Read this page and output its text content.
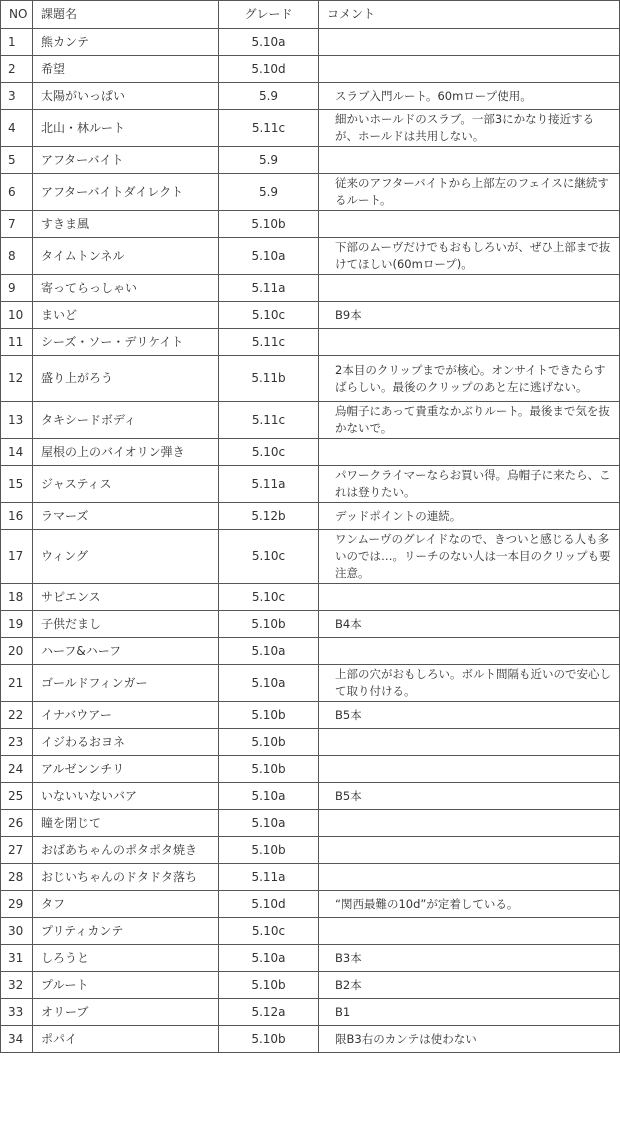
NO	課題名	グレード	コメント
1	熊カンテ	5.10a	
2	希望	5.10d	
3	太陽がいっぱい	5.9	スラブ入門ルート。60mロープ使用。
4	北山・林ルート	5.11c	細かいホールドのスラブ。一部3にかなり接近するが、ホールドは共用しない。
5	アフターバイト	5.9	
6	アフターバイトダイレクト	5.9	従来のアフターバイトから上部左のフェイスに継続するルート。
7	すきま風	5.10b	
8	タイムトンネル	5.10a	下部のムーヴだけでもおもしろいが、ぜひ上部まで抜けてほしい(60mロープ)。
9	寄ってらっしゃい	5.11a	
10	まいど	5.10c	B9本
11	シーズ・ソー・デリケイト	5.11c	
12	盛り上がろう	5.11b	2本目のクリップまでが核心。オンサイトできたらすばらしい。最後のクリップのあと左に逃げない。
13	タキシードボディ	5.11c	烏帽子にあって貴重なかぶりルート。最後まで気を抜かないで。
14	屋根の上のバイオリン弾き	5.10c	
15	ジャスティス	5.11a	パワークライマーならお買い得。烏帽子に来たら、これは登りたい。
16	ラマーズ	5.12b	デッドポイントの連続。
17	ウィング	5.10c	ワンムーヴのグレイドなので、きついと感じる人も多いのでは…。リーチのない人は一本目のクリップも要注意。
18	サピエンス	5.10c	
19	子供だまし	5.10b	B4本
20	ハーフ&ハーフ	5.10a	
21	ゴールドフィンガー	5.10a	上部の穴がおもしろい。ボルト間隔も近いので安心して取り付ける。
22	イナバウアー	5.10b	B5本
23	イジわるおヨネ	5.10b	
24	アルゼンンチリ	5.10b	
25	いないいないバア	5.10a	B5本
26	瞳を閉じて	5.10a	
27	おばあちゃんのポタポタ焼き	5.10b	
28	おじいちゃんのドタドタ落ち	5.11a	
29	タフ	5.10d	“関西最難の10d”が定着している。
30	プリティカンテ	5.10c	
31	しろうと	5.10a	B3本
32	プルート	5.10b	B2本
33	オリーブ	5.12a	B1
34	ポパイ	5.10b	限B3右のカンテは使わない
